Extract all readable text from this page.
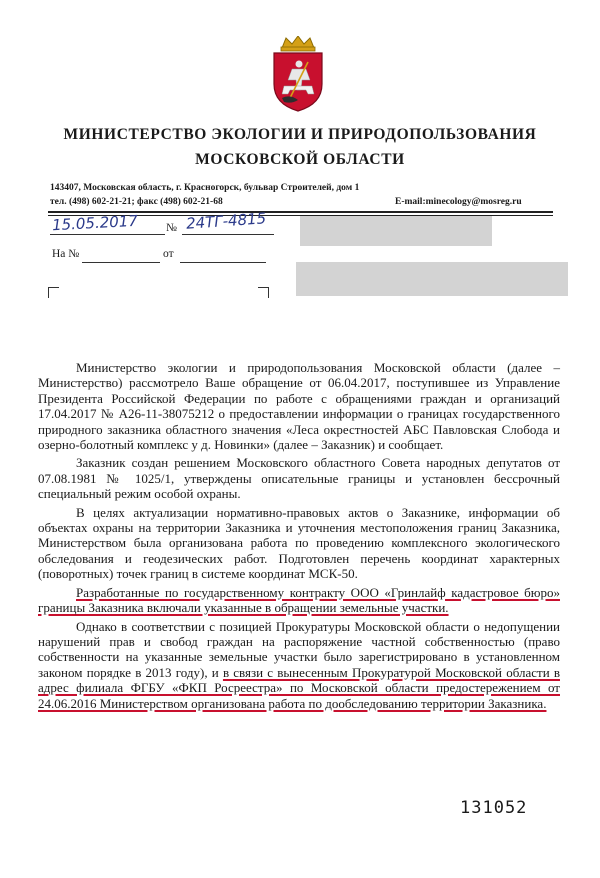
МИНИСТЕРСТВО ЭКОЛОГИИ И ПРИРОДОПОЛЬЗОВАНИЯ
МОСКОВСКОЙ ОБЛАСТИ
143407, Московская область, г. Красногорск, бульвар Строителей, дом 1
тел. (498) 602-21-21; факс (498) 602-21-68	E-mail:minecology@mosreg.ru
15.05.2017 № 24ТГ-4815
На №	от

Министерство экологии и природопользования Московской области (далее – Министерство) рассмотрело Ваше обращение от 06.04.2017, поступившее из Управление Президента Российской Федерации по работе с обращениями граждан и организаций 17.04.2017 № А26-11-38075212 о предоставлении информации о границах государственного природного заказника областного значения «Леса окрестностей АБС Павловская Слобода и озерно-болотный комплекс у д. Новинки» (далее – Заказник) и сообщает.

Заказник создан решением Московского областного Совета народных депутатов от 07.08.1981 № 1025/1, утверждены описательные границы и установлен бессрочный специальный режим особой охраны.

В целях актуализации нормативно-правовых актов о Заказнике, информации об объектах охраны на территории Заказника и уточнения местоположения границ Заказника, Министерством была организована работа по проведению комплексного экологического обследования и геодезических работ. Подготовлен перечень координат характерных (поворотных) точек границ в системе координат МСК-50.

Разработанные по государственному контракту ООО «Гринлайф кадастровое бюро» границы Заказника включали указанные в обращении земельные участки.

Однако в соответствии с позицией Прокуратуры Московской области о недопущении нарушений прав и свобод граждан на распоряжение частной собственностью (право собственности на указанные земельные участки было зарегистрировано в установленном законом порядке в 2013 году), и в связи с вынесенным Прокуратурой Московской области в адрес филиала ФГБУ «ФКП Росреестра» по Московской области предостережением от 24.06.2016 Министерством организована работа по дообследованию территории Заказника.

131052
